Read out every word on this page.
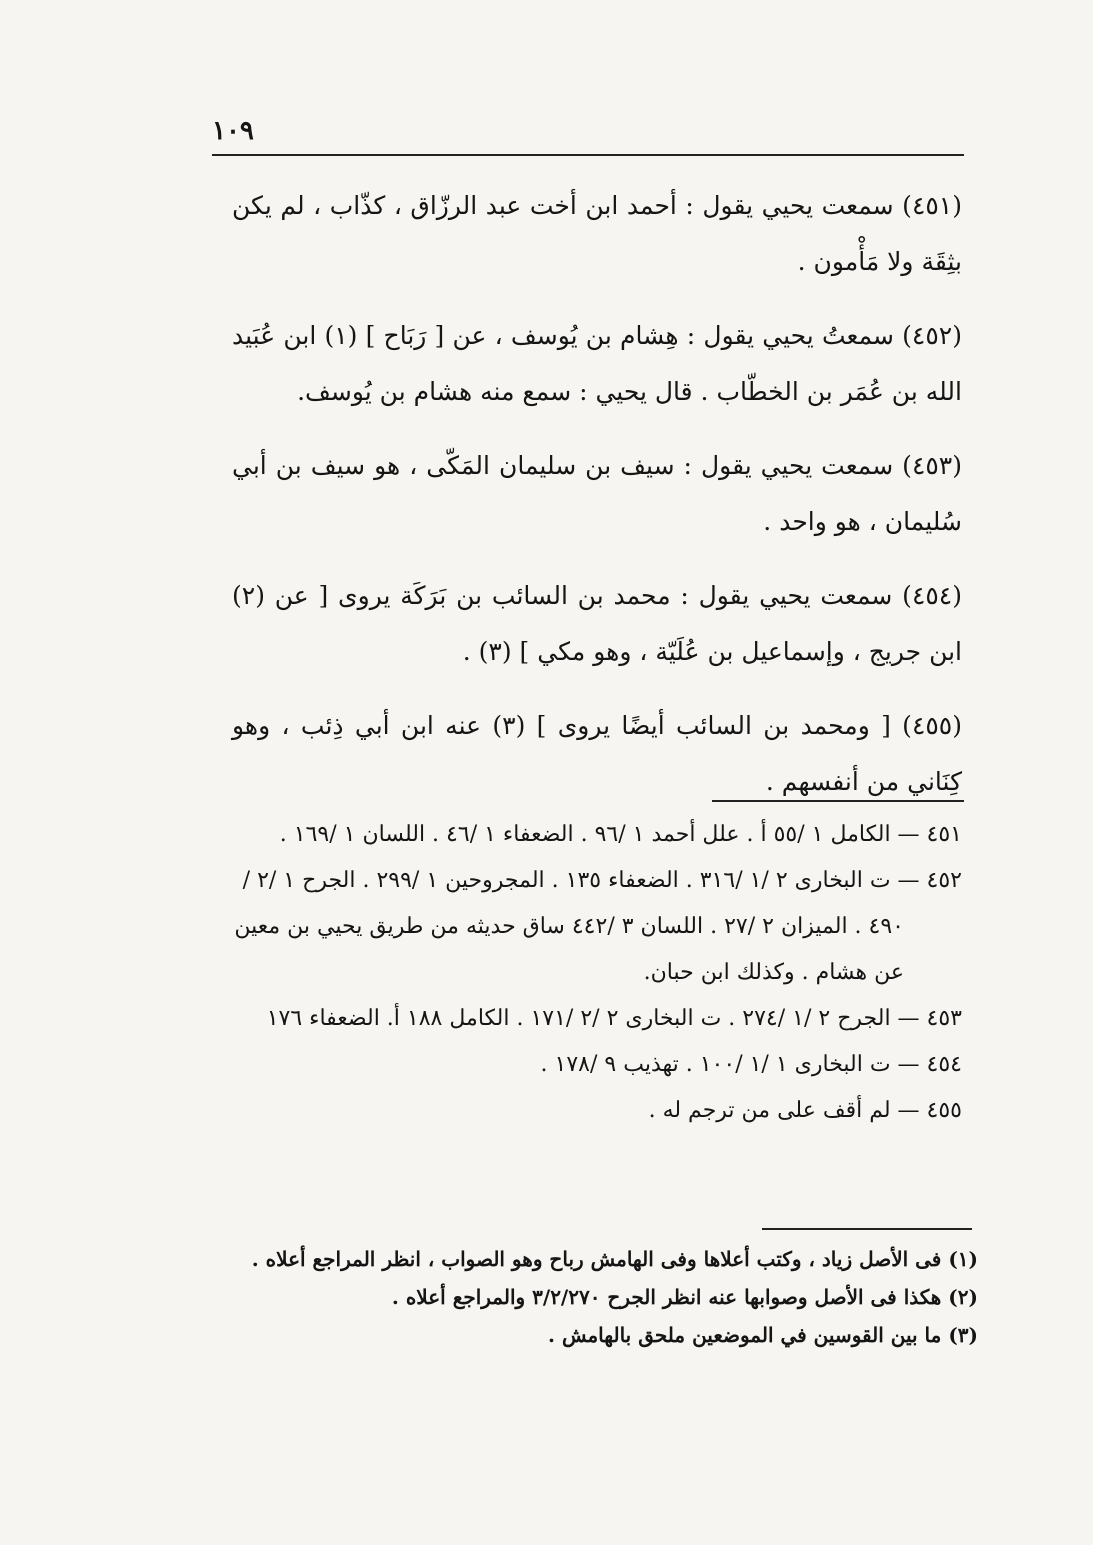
١٠٩

(٤٥١) سمعت يحيي يقول : أحمد ابن أخت عبد الرزّاق ، كذّاب ، لم يكن بثِقَة ولا مَأْمون .

(٤٥٢) سمعتُ يحيي يقول : هِشام بن يُوسف ، عن [ رَبَاح ] (١) ابن عُبَيد الله بن عُمَر بن الخطّاب . قال يحيي : سمع منه هشام بن يُوسف.

(٤٥٣) سمعت يحيي يقول : سيف بن سليمان المَكّى ، هو سيف بن أبي سُليمان ، هو واحد .

(٤٥٤) سمعت يحيي يقول : محمد بن السائب بن بَرَكَة يروى [ عن (٢) ابن جريج ، وإسماعيل بن عُلَيّة ، وهو مكي ] (٣) .

(٤٥٥) [ ومحمد بن السائب أيضًا يروى ] (٣) عنه ابن أبي ذِئب ، وهو كِنَاني من أنفسهم .

٤٥١ — الكامل ١ /٥٥ أ . علل أحمد ١ /٩٦ . الضعفاء ١ /٤٦ . اللسان ١ /١٦٩ .

٤٥٢ — ت البخارى ٢ /١ /٣١٦ . الضعفاء ١٣٥ . المجروحين ١ /٢٩٩ . الجرح ١ /٢ /٤٩٠ . الميزان ٢ /٢٧ . اللسان ٣ /٤٤٢ ساق حديثه من طريق يحيي بن معين عن هشام . وكذلك ابن حبان.

٤٥٣ — الجرح ٢ /١ /٢٧٤ . ت البخارى ٢ /٢ /١٧١ . الكامل ١٨٨ أ. الضعفاء ١٧٦

٤٥٤ — ت البخارى ١ /١ /١٠٠ . تهذيب ٩ /١٧٨ .

٤٥٥ — لم أقف على من ترجم له .

(١) فى الأصل زياد ، وكتب أعلاها وفى الهامش رباح وهو الصواب ، انظر المراجع أعلاه .

(٢) هكذا فى الأصل وصوابها عنه انظر الجرح ٣/٢/٢٧٠ والمراجع أعلاه .

(٣) ما بين القوسين في الموضعين ملحق بالهامش .
